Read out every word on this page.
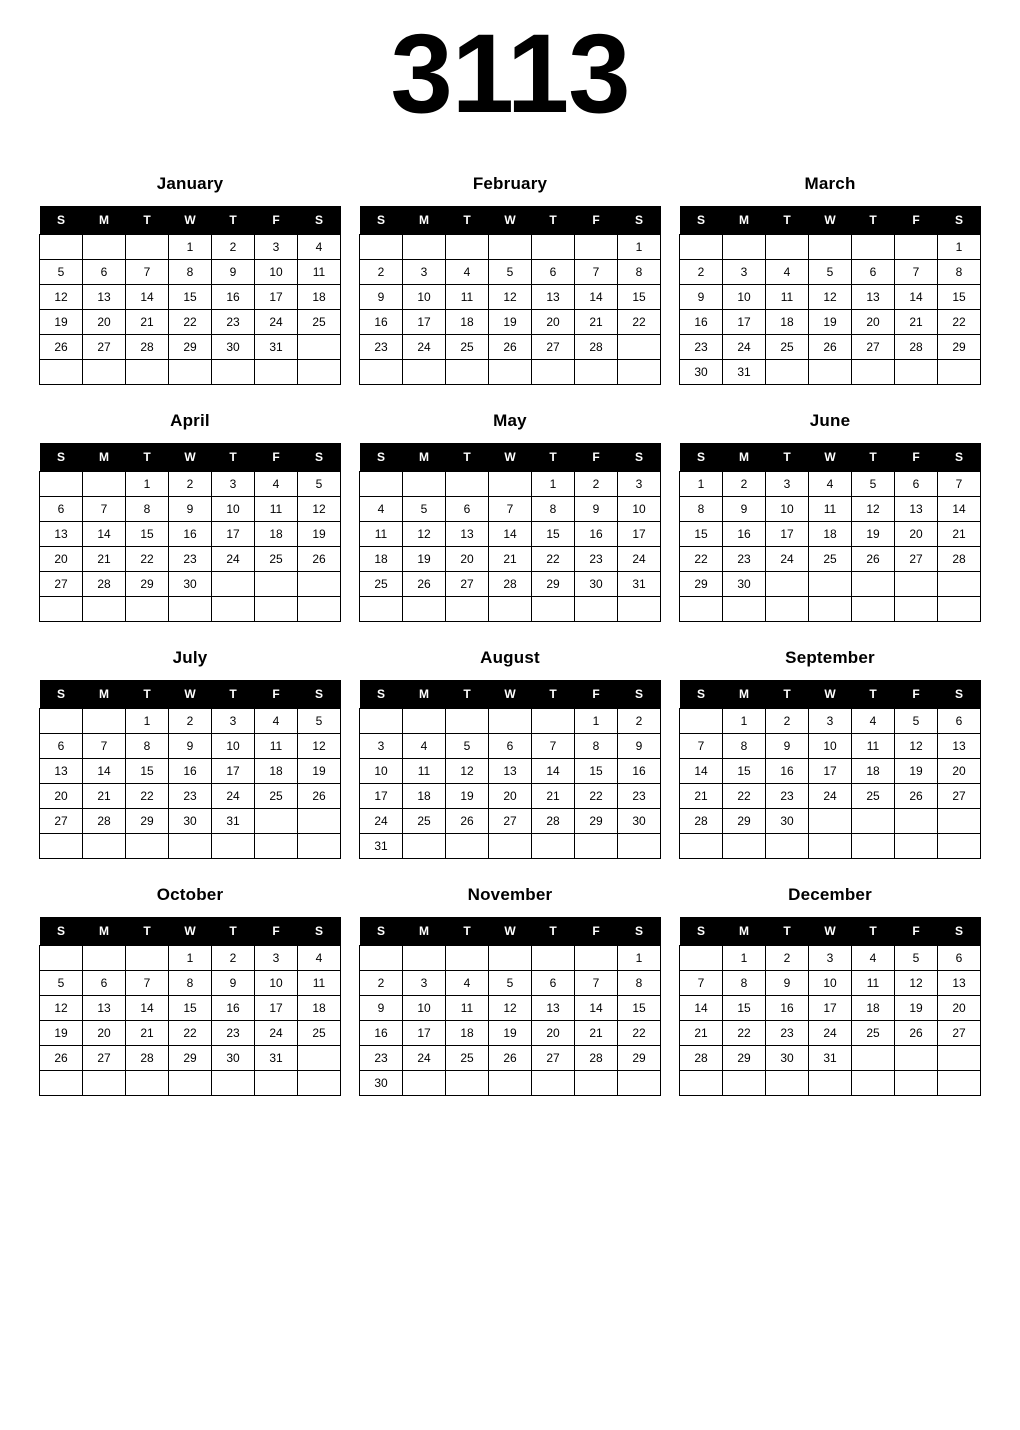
3113
January
S	M	T	W	T	F	S
			1	2	3	4
5	6	7	8	9	10	11
12	13	14	15	16	17	18
19	20	21	22	23	24	25
26	27	28	29	30	31	

February
S	M	T	W	T	F	S
						1
2	3	4	5	6	7	8
9	10	11	12	13	14	15
16	17	18	19	20	21	22
23	24	25	26	27	28	

March
S	M	T	W	T	F	S
						1
2	3	4	5	6	7	8
9	10	11	12	13	14	15
16	17	18	19	20	21	22
23	24	25	26	27	28	29
30	31					
April
S	M	T	W	T	F	S
		1	2	3	4	5
6	7	8	9	10	11	12
13	14	15	16	17	18	19
20	21	22	23	24	25	26
27	28	29	30			

May
S	M	T	W	T	F	S
				1	2	3
4	5	6	7	8	9	10
11	12	13	14	15	16	17
18	19	20	21	22	23	24
25	26	27	28	29	30	31

June
S	M	T	W	T	F	S
1	2	3	4	5	6	7
8	9	10	11	12	13	14
15	16	17	18	19	20	21
22	23	24	25	26	27	28
29	30					

July
S	M	T	W	T	F	S
		1	2	3	4	5
6	7	8	9	10	11	12
13	14	15	16	17	18	19
20	21	22	23	24	25	26
27	28	29	30	31		

August
S	M	T	W	T	F	S
					1	2
3	4	5	6	7	8	9
10	11	12	13	14	15	16
17	18	19	20	21	22	23
24	25	26	27	28	29	30
31						
September
S	M	T	W	T	F	S
	1	2	3	4	5	6
7	8	9	10	11	12	13
14	15	16	17	18	19	20
21	22	23	24	25	26	27
28	29	30				

October
S	M	T	W	T	F	S
			1	2	3	4
5	6	7	8	9	10	11
12	13	14	15	16	17	18
19	20	21	22	23	24	25
26	27	28	29	30	31	

November
S	M	T	W	T	F	S
						1
2	3	4	5	6	7	8
9	10	11	12	13	14	15
16	17	18	19	20	21	22
23	24	25	26	27	28	29
30						
December
S	M	T	W	T	F	S
	1	2	3	4	5	6
7	8	9	10	11	12	13
14	15	16	17	18	19	20
21	22	23	24	25	26	27
28	29	30	31			
